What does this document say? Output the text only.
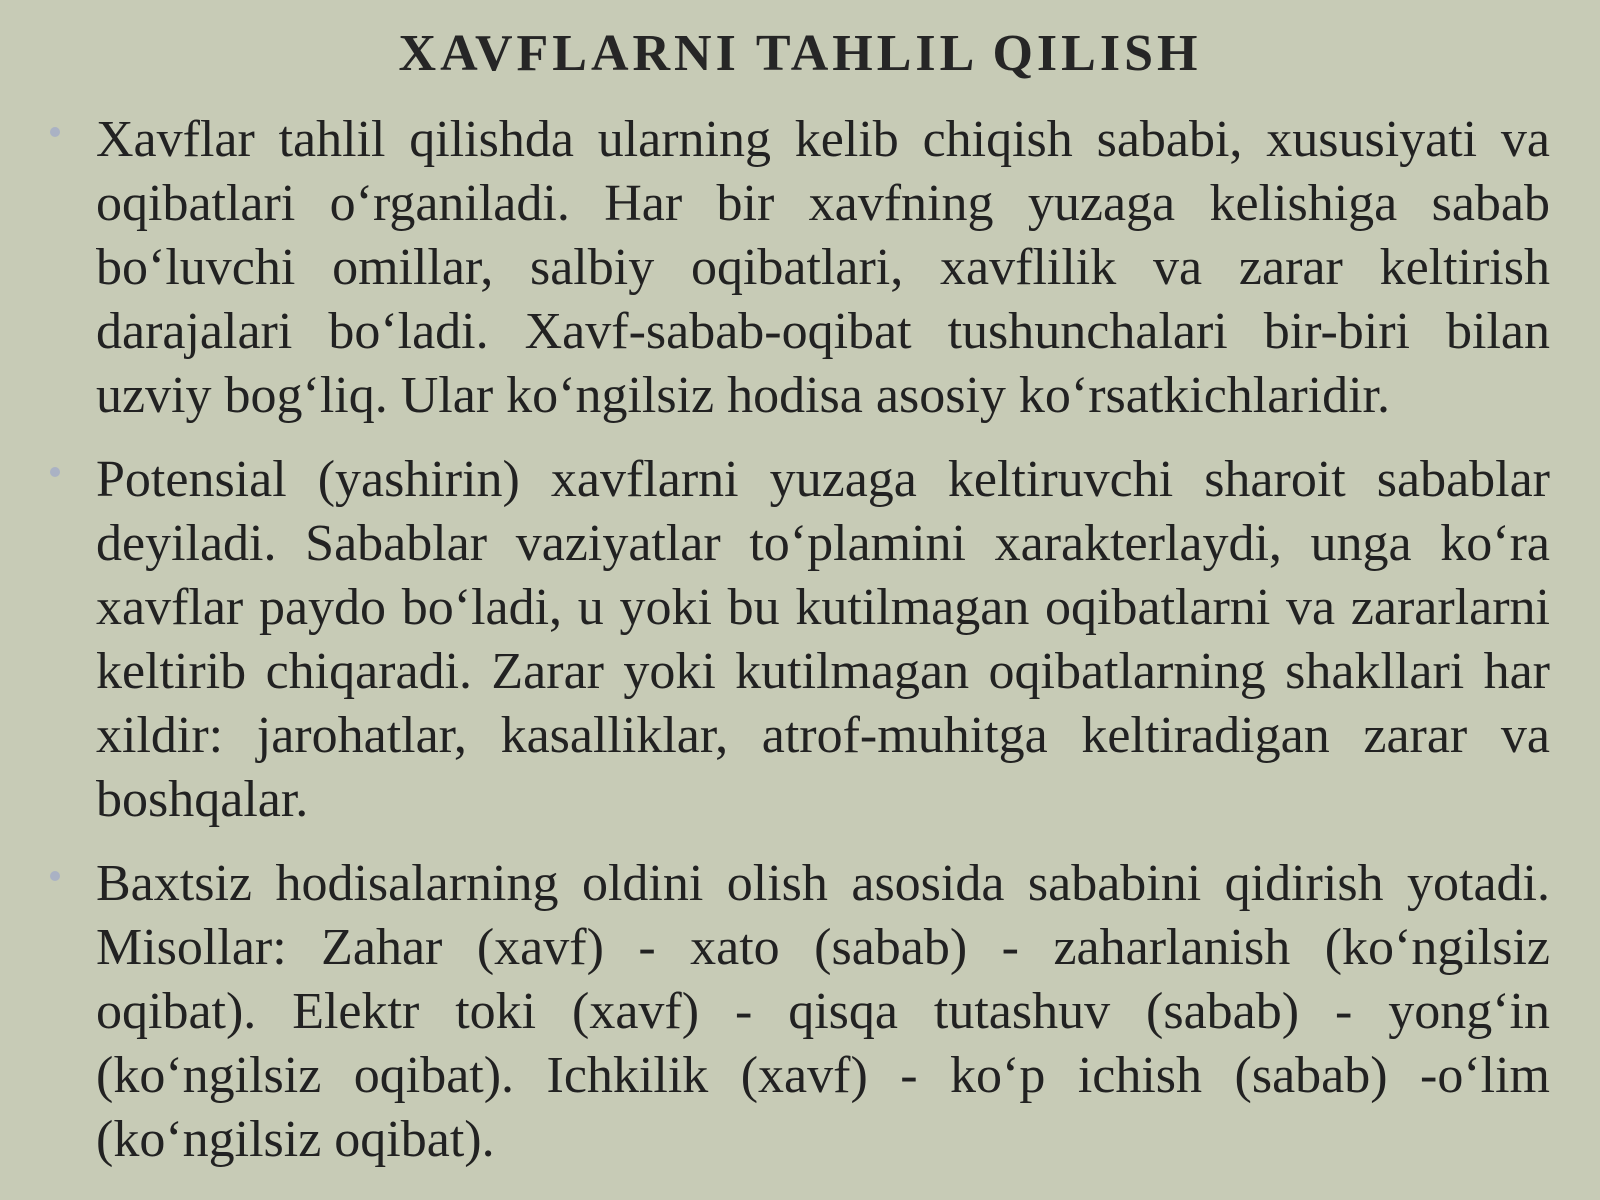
XAVFLARNI TAHLIL QILISH
Xavflar tahlil qilishda ularning kelib chiqish sababi, xususiyati va oqibatlari oʻrganiladi. Har bir xavfning yuzaga kelishiga sabab boʻluvchi omillar, salbiy oqibatlari, xavflilik va zarar keltirish darajalari boʻladi. Xavf-sabab-oqibat tushunchalari bir-biri bilan uzviy bogʻliq. Ular koʻngilsiz hodisa asosiy koʻrsatkichlaridir.
Potensial (yashirin) xavflarni yuzaga keltiruvchi sharoit sabablar deyiladi. Sabablar vaziyatlar toʻplamini xarakterlaydi, unga koʻra xavflar paydo boʻladi, u yoki bu kutilmagan oqibatlarni va zararlarni keltirib chiqaradi. Zarar yoki kutilmagan oqibatlarning shakllari har xildir: jarohatlar, kasalliklar, atrof-muhitga keltiradigan zarar va boshqalar.
Baxtsiz hodisalarning oldini olish asosida sababini qidirish yotadi. Misollar: Zahar (xavf) - xato (sabab) - zaharlanish (koʻngilsiz oqibat). Elektr toki (xavf) - qisqa tutashuv (sabab) - yongʻin (koʻngilsiz oqibat). Ichkilik (xavf) - koʻp ichish (sabab) -oʻlim (koʻngilsiz oqibat).
